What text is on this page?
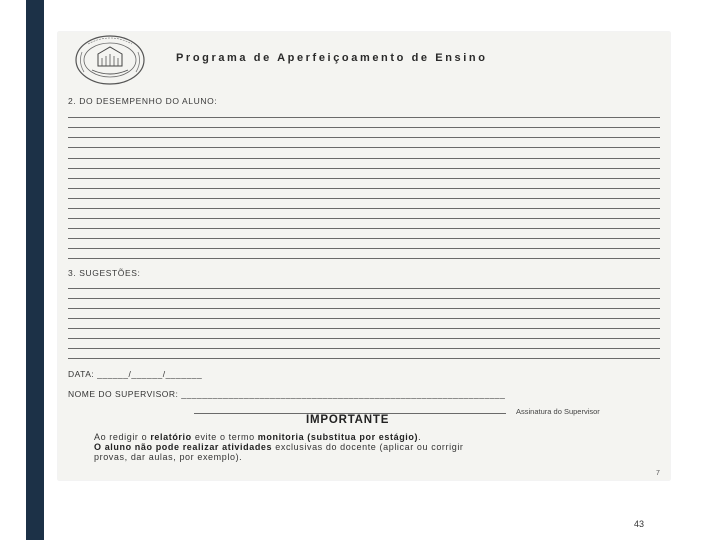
Programa de Aperfeiçoamento de Ensino
2. DO DESEMPENHO DO ALUNO:
3. SUGESTÕES:
DATA: ______/______/_______
NOME DO SUPERVISOR: ______________________________________________________________
Assinatura do Supervisor
IMPORTANTE
Ao redigir o relatório evite o termo monitoria (substitua por estágio).
O aluno não pode realizar atividades exclusivas do docente (aplicar ou corrigir
provas, dar aulas, por exemplo).
7
43
